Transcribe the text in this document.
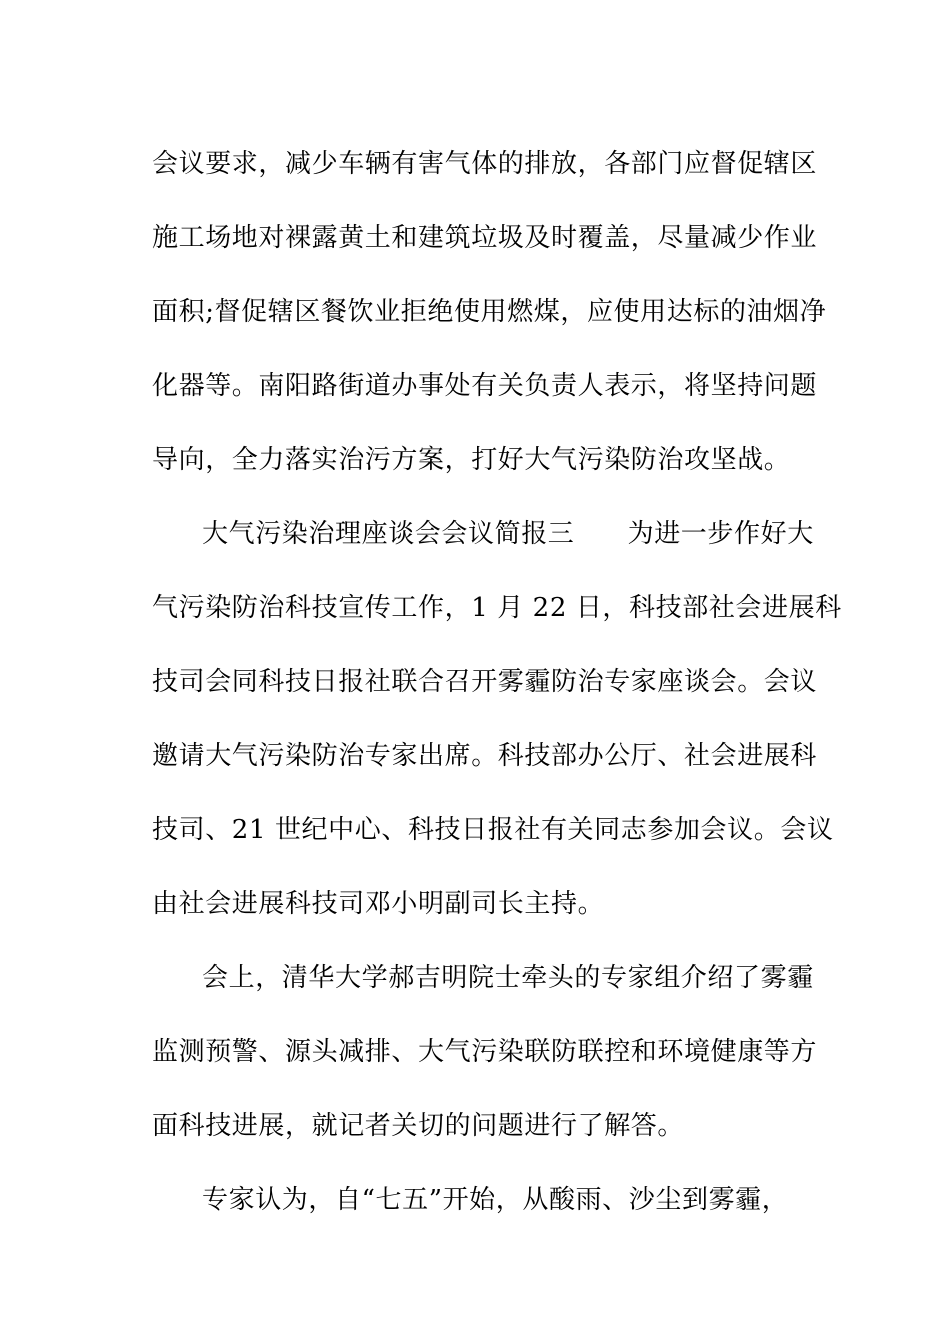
会议要求，减少车辆有害气体的排放，各部门应督促辖区
施工场地对裸露黄土和建筑垃圾及时覆盖，尽量减少作业
面积;督促辖区餐饮业拒绝使用燃煤，应使用达标的油烟净
化器等。南阳路街道办事处有关负责人表示，将坚持问题
导向，全力落实治污方案，打好大气污染防治攻坚战。
大气污染治理座谈会会议简报三　　为进一步作好大
气污染防治科技宣传工作，1 月 22 日，科技部社会进展科
技司会同科技日报社联合召开雾霾防治专家座谈会。会议
邀请大气污染防治专家出席。科技部办公厅、社会进展科
技司、21 世纪中心、科技日报社有关同志参加会议。会议
由社会进展科技司邓小明副司长主持。
会上，清华大学郝吉明院士牵头的专家组介绍了雾霾
监测预警、源头减排、大气污染联防联控和环境健康等方
面科技进展，就记者关切的问题进行了解答。
专家认为，自“七五”开始，从酸雨、沙尘到雾霾，
